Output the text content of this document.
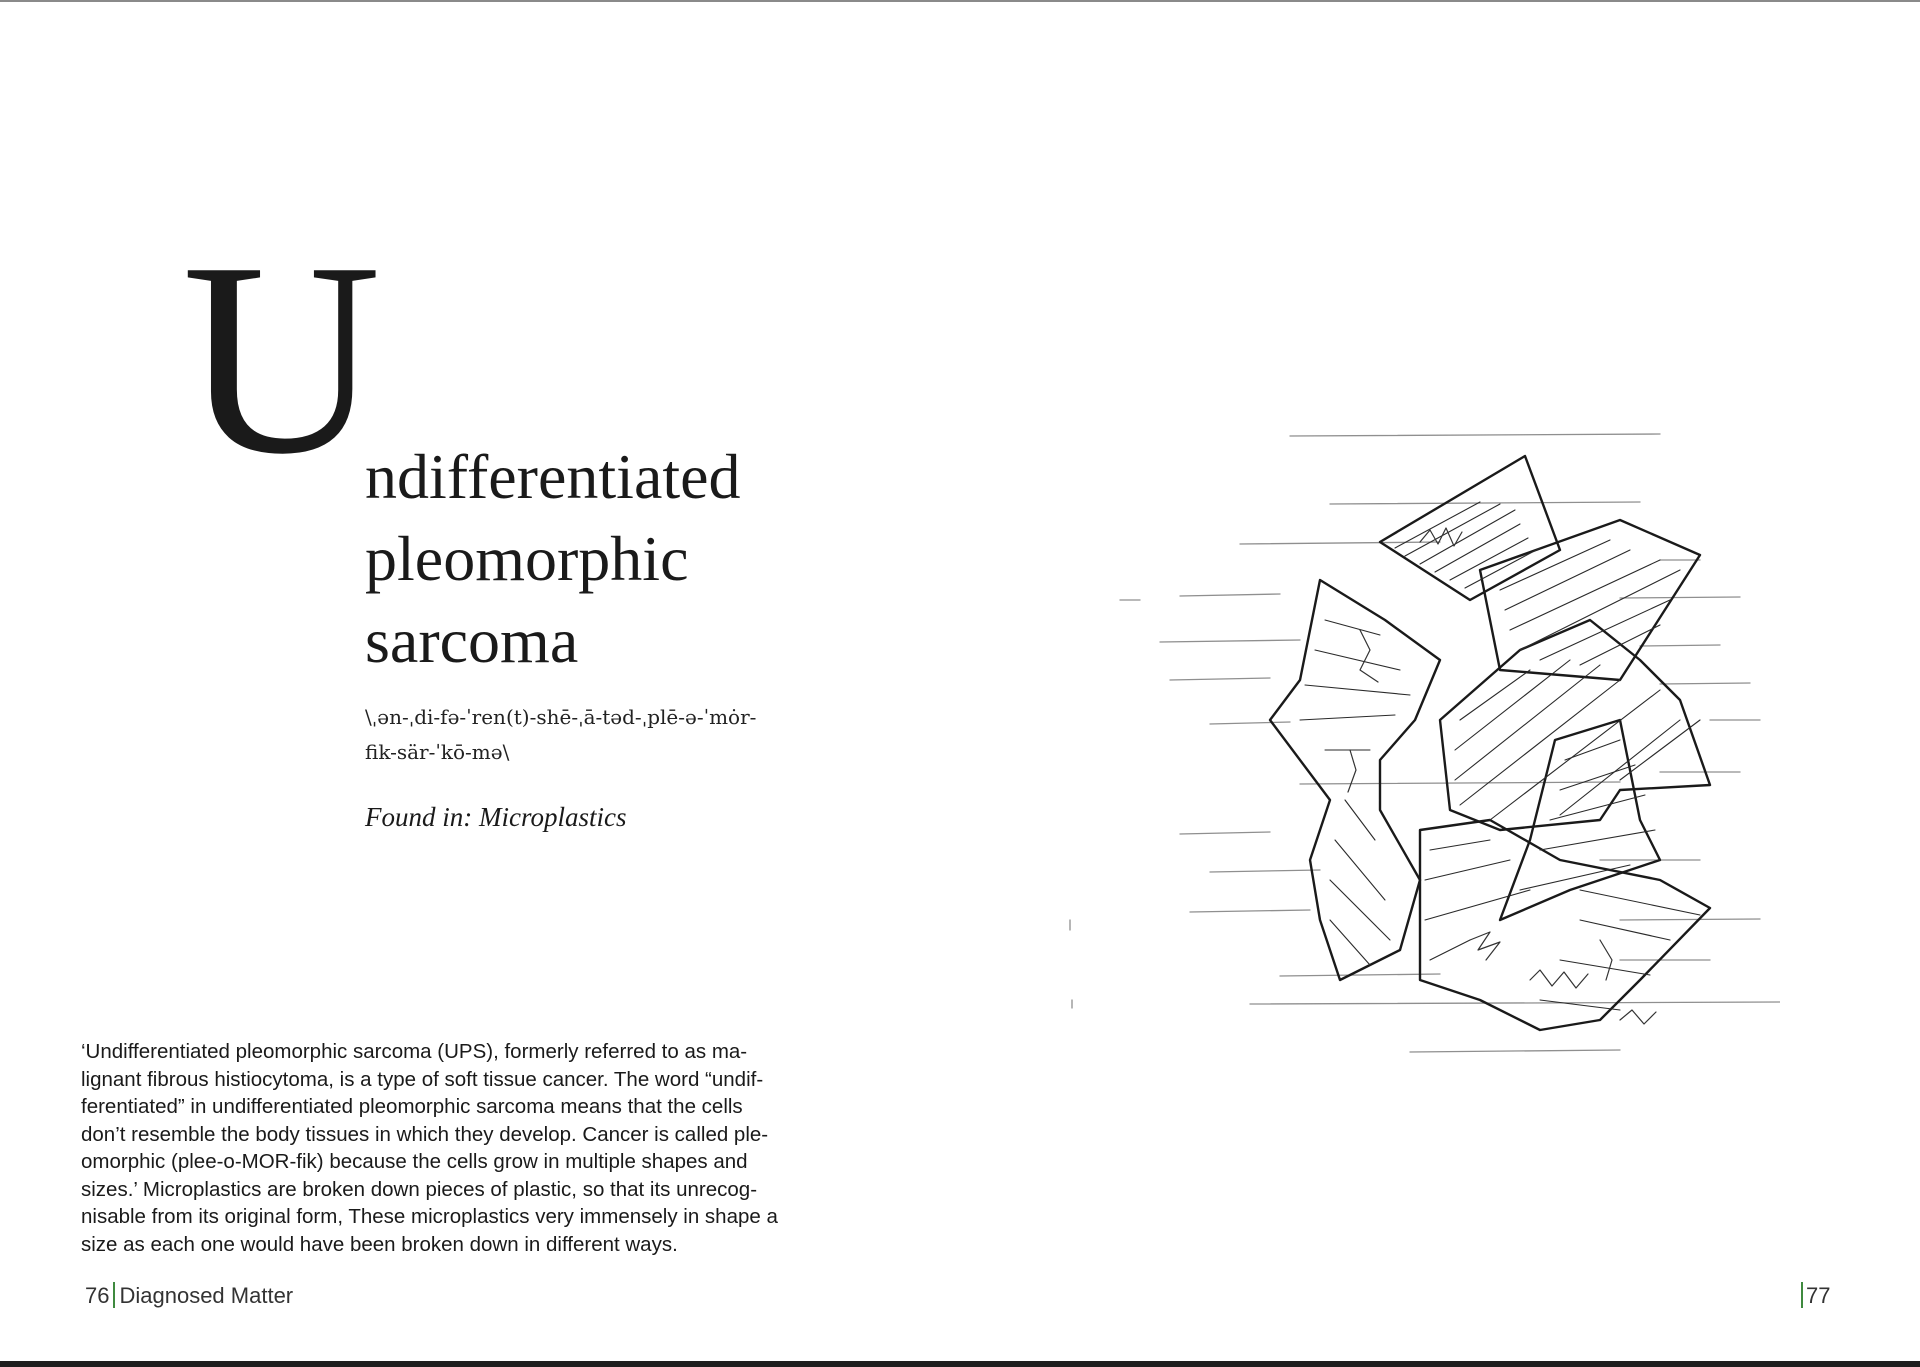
U
ndifferentiated
pleomorphic
sarcoma

\ˌən-ˌdi-fə-ˈren(t)-shē-ˌā-təd-ˌplē-ə-ˈmȯr-
fik-sär-ˈkō-mə\

Found in: Microplastics

‘Undifferentiated pleomorphic sarcoma (UPS), formerly referred to as ma-
lignant fibrous histiocytoma, is a type of soft tissue cancer. The word “undif-
ferentiated” in undifferentiated pleomorphic sarcoma means that the cells
don’t resemble the body tissues in which they develop. Cancer is called ple-
omorphic (plee-o-MOR-fik) because the cells grow in multiple shapes and
sizes.’ Microplastics are broken down pieces of plastic, so that its unrecog-
nisable from its original form, These microplastics very immensely in shape a
size as each one would have been broken down in different ways.

76 Diagnosed Matter	77
